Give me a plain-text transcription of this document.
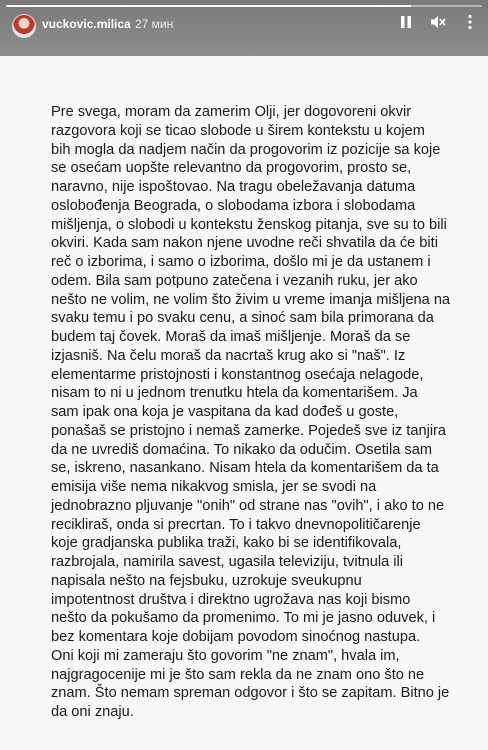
vuckovic.milica 27 мин
Pre svega, moram da zamerim Olji, jer dogovoreni okvir
razgovora koji se ticao slobode u širem kontekstu u kojem
bih mogla da nadjem način da progovorim iz pozicije sa koje
se osećam uopšte relevantno da progovorim, prosto se,
naravno, nije ispoštovao. Na tragu obeležavanja datuma
oslobođenja Beograda, o slobodama izbora i slobodama
mišljenja, o slobodi u kontekstu ženskog pitanja, sve su to bili
okviri. Kada sam nakon njene uvodne reči shvatila da će biti
reč o izborima, i samo o izborima, došlo mi je da ustanem i
odem. Bila sam potpuno zatečena i vezanih ruku, jer ako
nešto ne volim, ne volim što živim u vreme imanja mišljena na
svaku temu i po svaku cenu, a sinoć sam bila primorana da
budem taj čovek. Moraš da imaš mišljenje. Moraš da se
izjasniš. Na čelu moraš da nacrtaš krug ako si "naš". Iz
elementarme pristojnosti i konstantnog osećaja nelagode,
nisam to ni u jednom trenutku htela da komentarišem. Ja
sam ipak ona koja je vaspitana da kad dođeš u goste,
ponašaš se pristojno i nemaš zamerke. Pojedeš sve iz tanjira
da ne uvrediš domaćina. To nikako da odučim. Osetila sam
se, iskreno, nasankano. Nisam htela da komentarišem da ta
emisija više nema nikakvog smisla, jer se svodi na
jednobrazno pljuvanje "onih" od strane nas "ovih", i ako to ne
recikliraš, onda si precrtan. To i takvo dnevnopolitičarenje
koje gradjanska publika traži, kako bi se identifikovala,
razbrojala, namirila savest, ugasila televiziju, tvitnula ili
napisala nešto na fejsbuku, uzrokuje sveukupnu
impotentnost društva i direktno ugrožava nas koji bismo
nešto da pokušamo da promenimo. To mi je jasno oduvek, i
bez komentara koje dobijam povodom sinoćnog nastupa.
Oni koji mi zameraju što govorim "ne znam", hvala im,
najgragocenije mi je što sam rekla da ne znam ono što ne
znam. Što nemam spreman odgovor i što se zapitam. Bitno je
da oni znaju.
